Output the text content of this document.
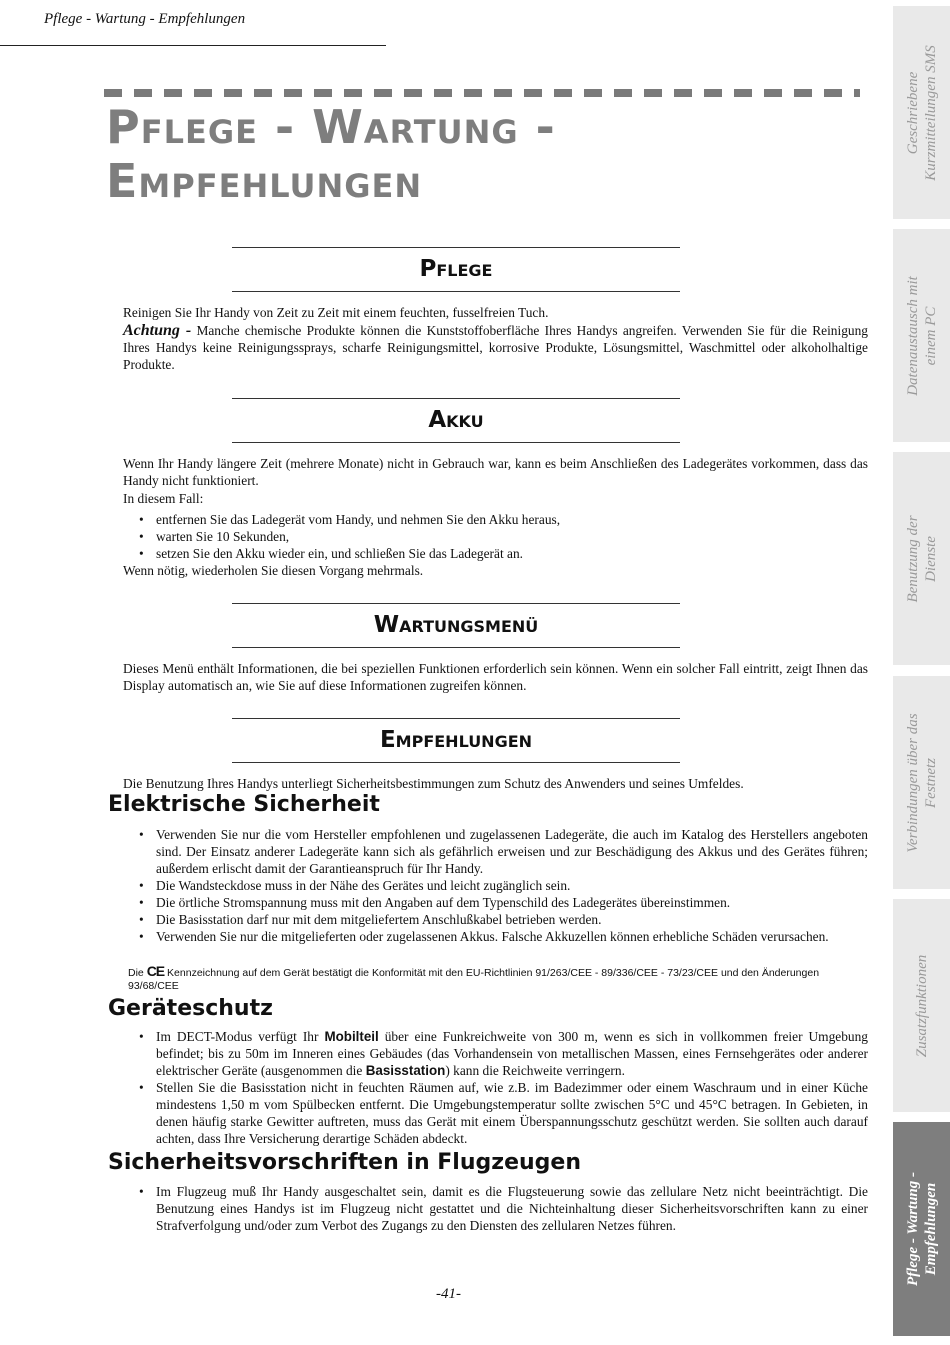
Pflege - Wartung - Empfehlungen
Pflege - Wartung -
Empfehlungen
Pflege

Reinigen Sie Ihr Handy von Zeit zu Zeit mit einem feuchten, fusselfreien Tuch.

Achtung - Manche chemische Produkte können die Kunststoffoberfläche Ihres Handys angreifen. Verwenden Sie für die Reinigung Ihres Handys keine Reinigungssprays, scharfe Reinigungsmittel, korrosive Produkte, Lösungsmittel, Waschmittel oder alkoholhaltige Produkte.

Akku

Wenn Ihr Handy längere Zeit (mehrere Monate) nicht in Gebrauch war, kann es beim Anschließen des Ladegerätes vorkommen, dass das Handy nicht funktioniert.

In diesem Fall:

• entfernen Sie das Ladegerät vom Handy, und nehmen Sie den Akku heraus,
• warten Sie 10 Sekunden,
• setzen Sie den Akku wieder ein, und schließen Sie das Ladegerät an.

Wenn nötig, wiederholen Sie diesen Vorgang mehrmals.

Wartungsmenü

Dieses Menü enthält Informationen, die bei speziellen Funktionen erforderlich sein können. Wenn ein solcher Fall eintritt, zeigt Ihnen das Display automatisch an, wie Sie auf diese Informationen zugreifen können.

Empfehlungen

Die Benutzung Ihres Handys unterliegt Sicherheitsbestimmungen zum Schutz des Anwenders und seines Umfeldes.

Elektrische Sicherheit
• Verwenden Sie nur die vom Hersteller empfohlenen und zugelassenen Ladegeräte, die auch im Katalog des Herstellers angeboten sind. Der Einsatz anderer Ladegeräte kann sich als gefährlich erweisen und zur Beschädigung des Akkus und des Gerätes führen; außerdem erlischt damit der Garantieanspruch für Ihr Handy.
• Die Wandsteckdose muss in der Nähe des Gerätes und leicht zugänglich sein.
• Die örtliche Stromspannung muss mit den Angaben auf dem Typenschild des Ladegerätes übereinstimmen.
• Die Basisstation darf nur mit dem mitgeliefertem Anschlußkabel betrieben werden.
• Verwenden Sie nur die mitgelieferten oder zugelassenen Akkus. Falsche Akkuzellen können erhebliche Schäden verursachen.

Die CE Kennzeichnung auf dem Gerät bestätigt die Konformität mit den EU-Richtlinien 91/263/CEE - 89/336/CEE - 73/23/CEE und den Änderungen 93/68/CEE

Geräteschutz
• Im DECT-Modus verfügt Ihr Mobilteil über eine Funkreichweite von 300 m, wenn es sich in vollkommen freier Umgebung befindet; bis zu 50m im Inneren eines Gebäudes (das Vorhandensein von metallischen Massen, eines Fernsehgerätes oder anderer elektrischer Geräte (ausgenommen die Basisstation) kann die Reichweite verringern.
• Stellen Sie die Basisstation nicht in feuchten Räumen auf, wie z.B. im Badezimmer oder einem Waschraum und in einer Küche mindestens 1,50 m vom Spülbecken entfernt. Die Umgebungstemperatur sollte zwischen 5°C und 45°C betragen. In Gebieten, in denen häufig starke Gewitter auftreten, muss das Gerät mit einem Überspannungsschutz geschützt werden. Sie sollten auch darauf achten, dass Ihre Versicherung derartige Schäden abdeckt.
Sicherheitsvorschriften in Flugzeugen
• Im Flugzeug muß Ihr Handy ausgeschaltet sein, damit es die Flugsteuerung sowie das zellulare Netz nicht beeinträchtigt. Die Benutzung eines Handys ist im Flugzeug nicht gestattet und die Nichteinhaltung dieser Sicherheitsvorschriften kann zu einer Strafverfolgung und/oder zum Verbot des Zugangs zu den Diensten des zellularen Netzes führen.
-41-
Geschriebene Kurzmitteilungen SMS
Datenaustausch mit einem PC
Benutzung der Dienste
Verbindungen über das Festnetz
Zusatzfunktionen

Pflege - Wartung - Empfehlungen
